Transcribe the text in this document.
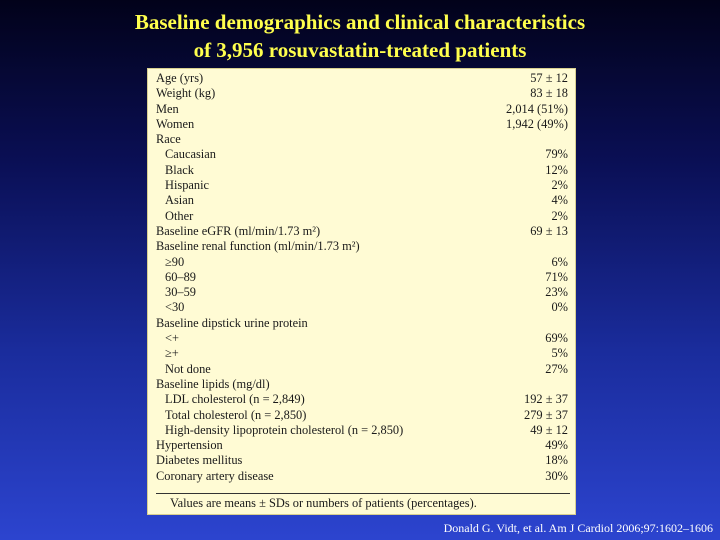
Baseline demographics and clinical characteristics
of 3,956 rosuvastatin-treated patients
Age (yrs)	57 ± 12
Weight (kg)	83 ± 18
Men	2,014 (51%)
Women	1,942 (49%)
Race
Caucasian	79%
Black	12%
Hispanic	2%
Asian	4%
Other	2%
Baseline eGFR (ml/min/1.73 m²)	69 ± 13
Baseline renal function (ml/min/1.73 m²)
≥90	6%
60–89	71%
30–59	23%
<30	0%
Baseline dipstick urine protein
<+	69%
≥+	5%
Not done	27%
Baseline lipids (mg/dl)
LDL cholesterol (n = 2,849)	192 ± 37
Total cholesterol (n = 2,850)	279 ± 37
High-density lipoprotein cholesterol (n = 2,850)	49 ± 12
Hypertension	49%
Diabetes mellitus	18%
Coronary artery disease	30%
Values are means ± SDs or numbers of patients (percentages).
Donald G. Vidt, et al. Am J Cardiol 2006;97:1602–1606
